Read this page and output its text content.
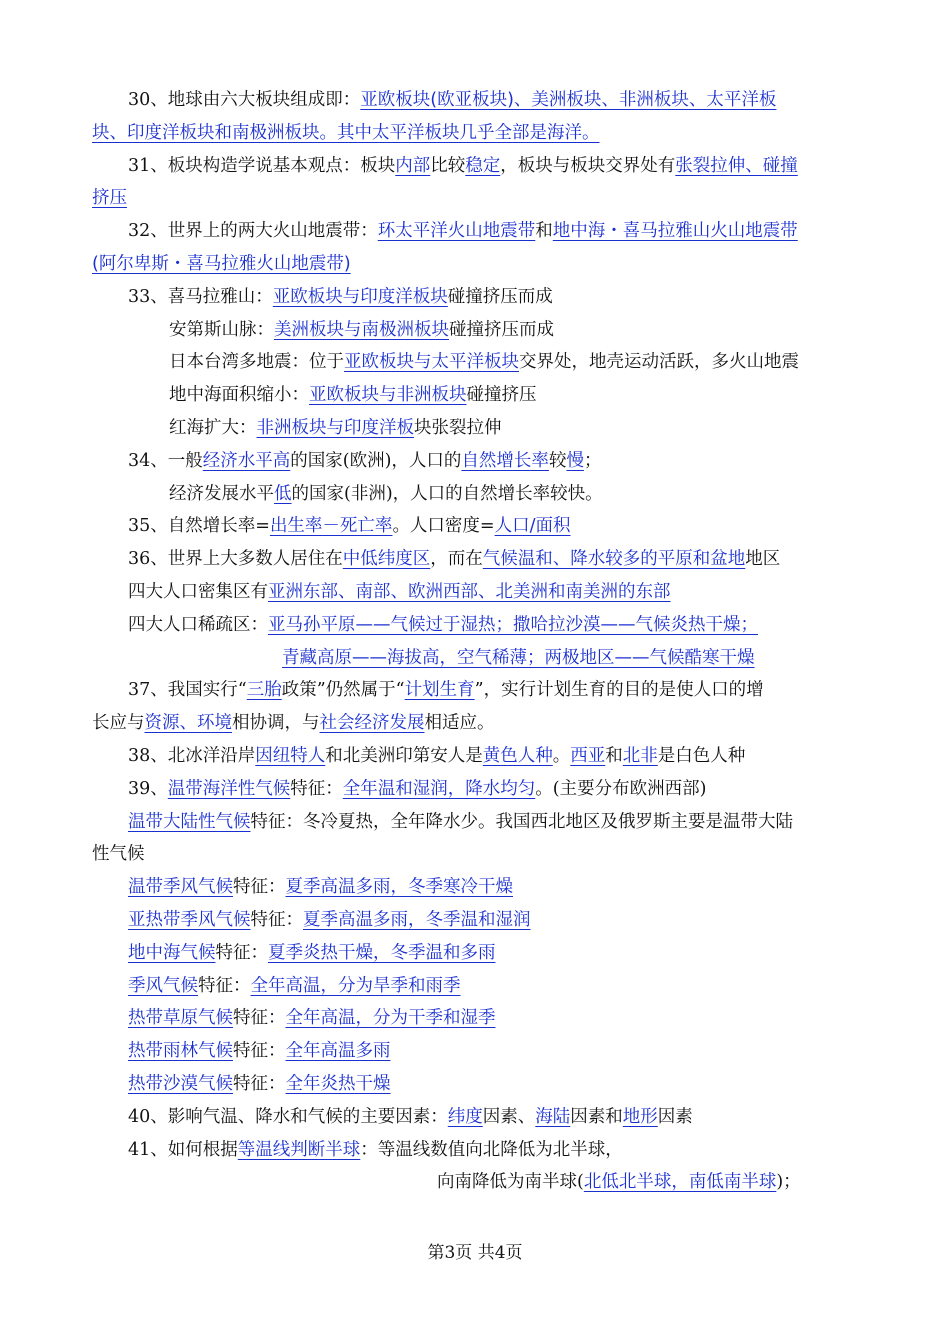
30、地球由六大板块组成即：亚欧板块(欧亚板块)、美洲板块、非洲板块、太平洋板
块、印度洋板块和南极洲板块。其中太平洋板块几乎全部是海洋。
31、板块构造学说基本观点：板块内部比较稳定，板块与板块交界处有张裂拉伸、碰撞
挤压
32、世界上的两大火山地震带：环太平洋火山地震带和地中海・喜马拉雅山火山地震带
(阿尔卑斯・喜马拉雅火山地震带)
33、喜马拉雅山：亚欧板块与印度洋板块碰撞挤压而成
安第斯山脉：美洲板块与南极洲板块碰撞挤压而成
日本台湾多地震：位于亚欧板块与太平洋板块交界处，地壳运动活跃，多火山地震
地中海面积缩小：亚欧板块与非洲板块碰撞挤压
红海扩大：非洲板块与印度洋板块张裂拉伸
34、一般经济水平高的国家(欧洲)，人口的自然增长率较慢；
经济发展水平低的国家(非洲)，人口的自然增长率较快。
35、自然增长率=出生率－死亡率。人口密度=人口/面积
36、世界上大多数人居住在中低纬度区，而在气候温和、降水较多的平原和盆地地区
四大人口密集区有亚洲东部、南部、欧洲西部、北美洲和南美洲的东部
四大人口稀疏区：亚马孙平原——气候过于湿热；撒哈拉沙漠——气候炎热干燥；
青藏高原——海拔高，空气稀薄；两极地区——气候酷寒干燥
37、我国实行“三胎政策”仍然属于“计划生育”，实行计划生育的目的是使人口的增
长应与资源、环境相协调，与社会经济发展相适应。
38、北冰洋沿岸因纽特人和北美洲印第安人是黄色人种。西亚和北非是白色人种
39、温带海洋性气候特征：全年温和湿润，降水均匀。(主要分布欧洲西部)
温带大陆性气候特征：冬冷夏热，全年降水少。我国西北地区及俄罗斯主要是温带大陆
性气候
温带季风气候特征：夏季高温多雨，冬季寒冷干燥
亚热带季风气候特征：夏季高温多雨，冬季温和湿润
地中海气候特征：夏季炎热干燥，冬季温和多雨
季风气候特征：全年高温，分为旱季和雨季
热带草原气候特征：全年高温，分为干季和湿季
热带雨林气候特征：全年高温多雨
热带沙漠气候特征：全年炎热干燥
40、影响气温、降水和气候的主要因素：纬度因素、海陆因素和地形因素
41、如何根据等温线判断半球：等温线数值向北降低为北半球，
向南降低为南半球(北低北半球，南低南半球)；
第3页 共4页
